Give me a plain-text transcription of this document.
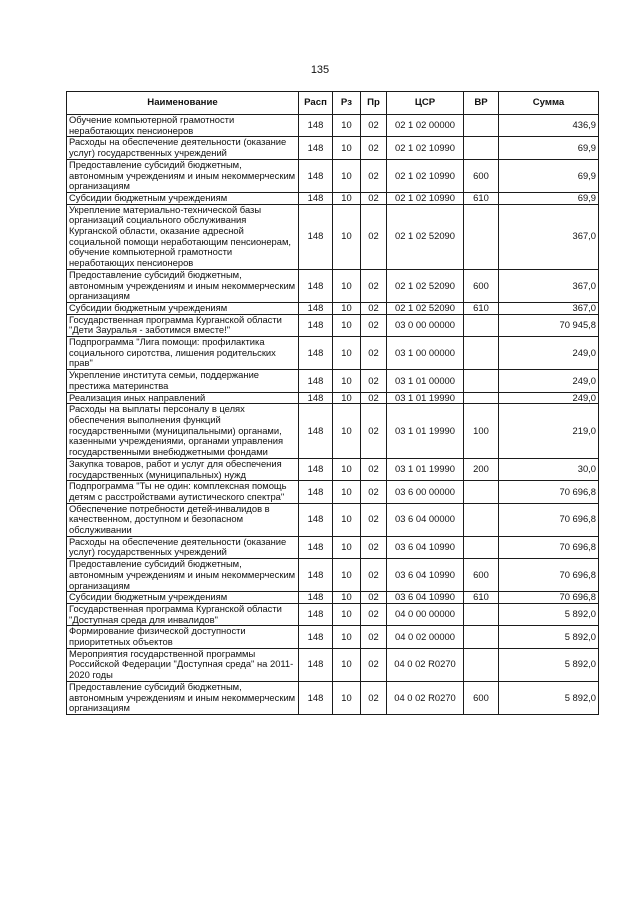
135
Наименование	Расп	Рз	Пр	ЦСР	ВР	Сумма
Обучение компьютерной грамотности неработающих пенсионеров	148	10	02	02 1 02 00000		436,9
Расходы на обеспечение деятельности (оказание услуг) государственных учреждений	148	10	02	02 1 02 10990		69,9
Предоставление субсидий бюджетным, автономным учреждениям и иным некоммерческим организациям	148	10	02	02 1 02 10990	600	69,9
Субсидии бюджетным учреждениям	148	10	02	02 1 02 10990	610	69,9
Укрепление материально-технической базы организаций социального обслуживания Курганской области, оказание адресной социальной помощи неработающим пенсионерам, обучение компьютерной грамотности неработающих пенсионеров	148	10	02	02 1 02 52090		367,0
Предоставление субсидий бюджетным, автономным учреждениям и иным некоммерческим организациям	148	10	02	02 1 02 52090	600	367,0
Субсидии бюджетным учреждениям	148	10	02	02 1 02 52090	610	367,0
Государственная программа Курганской области "Дети Зауралья - заботимся вместе!"	148	10	02	03 0 00 00000		70 945,8
Подпрограмма "Лига помощи: профилактика социального сиротства, лишения родительских прав"	148	10	02	03 1 00 00000		249,0
Укрепление института семьи, поддержание престижа материнства	148	10	02	03 1 01 00000		249,0
Реализация иных направлений	148	10	02	03 1 01 19990		249,0
Расходы на выплаты персоналу в целях обеспечения выполнения функций государственными (муниципальными) органами, казенными учреждениями, органами управления государственными внебюджетными фондами	148	10	02	03 1 01 19990	100	219,0
Закупка товаров, работ и услуг для обеспечения государственных (муниципальных) нужд	148	10	02	03 1 01 19990	200	30,0
Подпрограмма "Ты не один: комплексная помощь детям с расстройствами аутистического спектра"	148	10	02	03 6 00 00000		70 696,8
Обеспечение потребности детей-инвалидов в качественном, доступном и безопасном обслуживании	148	10	02	03 6 04 00000		70 696,8
Расходы на обеспечение деятельности (оказание услуг) государственных учреждений	148	10	02	03 6 04 10990		70 696,8
Предоставление субсидий бюджетным, автономным учреждениям и иным некоммерческим организациям	148	10	02	03 6 04 10990	600	70 696,8
Субсидии бюджетным учреждениям	148	10	02	03 6 04 10990	610	70 696,8
Государственная программа Курганской области "Доступная среда для инвалидов"	148	10	02	04 0 00 00000		5 892,0
Формирование физической доступности приоритетных объектов	148	10	02	04 0 02 00000		5 892,0
Мероприятия государственной программы Российской Федерации "Доступная среда" на 2011-2020 годы	148	10	02	04 0 02 R0270		5 892,0
Предоставление субсидий бюджетным, автономным учреждениям и иным некоммерческим организациям	148	10	02	04 0 02 R0270	600	5 892,0
